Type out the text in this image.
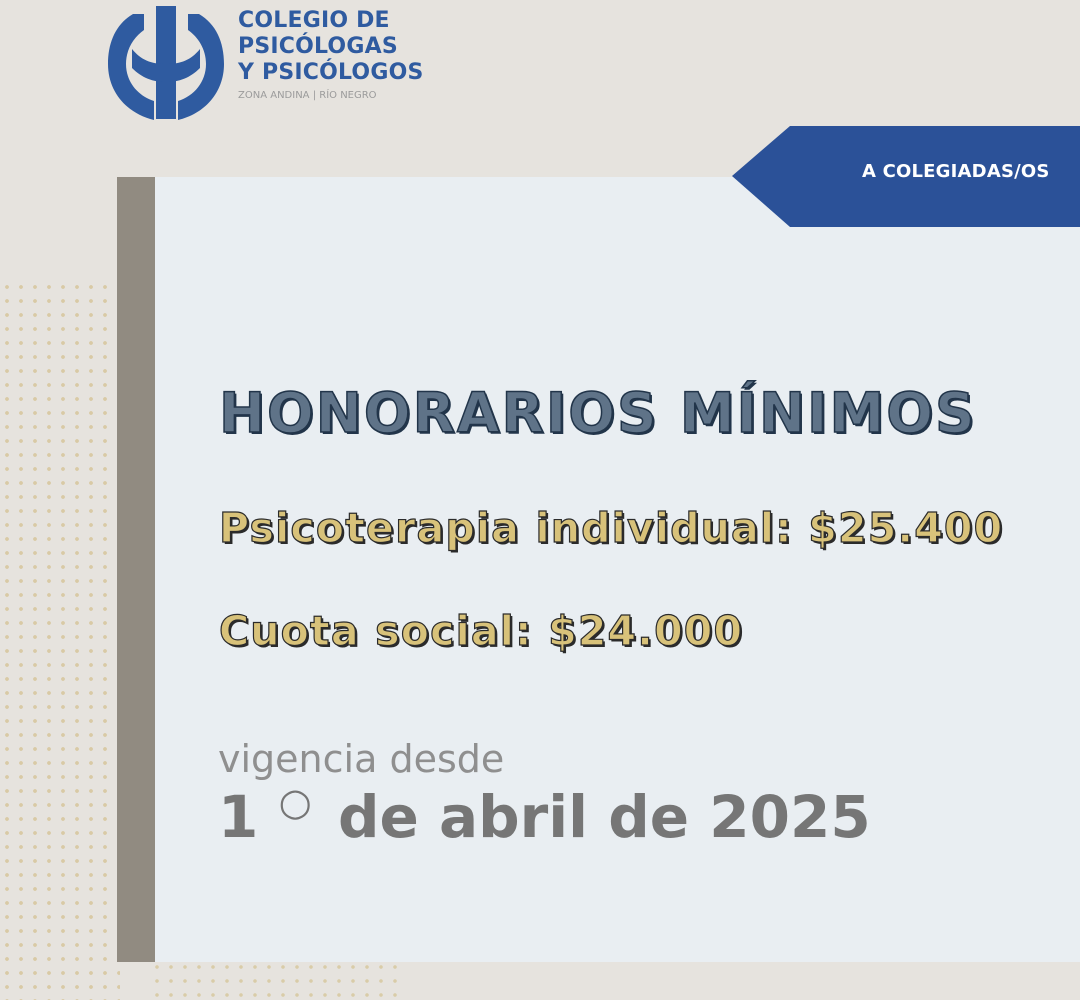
COLEGIO DE
PSICÓLOGAS
Y PSICÓLOGOS
ZONA ANDINA | RÍO NEGRO
A COLEGIADAS/OS
HONORARIOS MÍNIMOS
Psicoterapia individual: $25.400
Cuota social: $24.000
vigencia desde
1 ○ de abril de 2025
